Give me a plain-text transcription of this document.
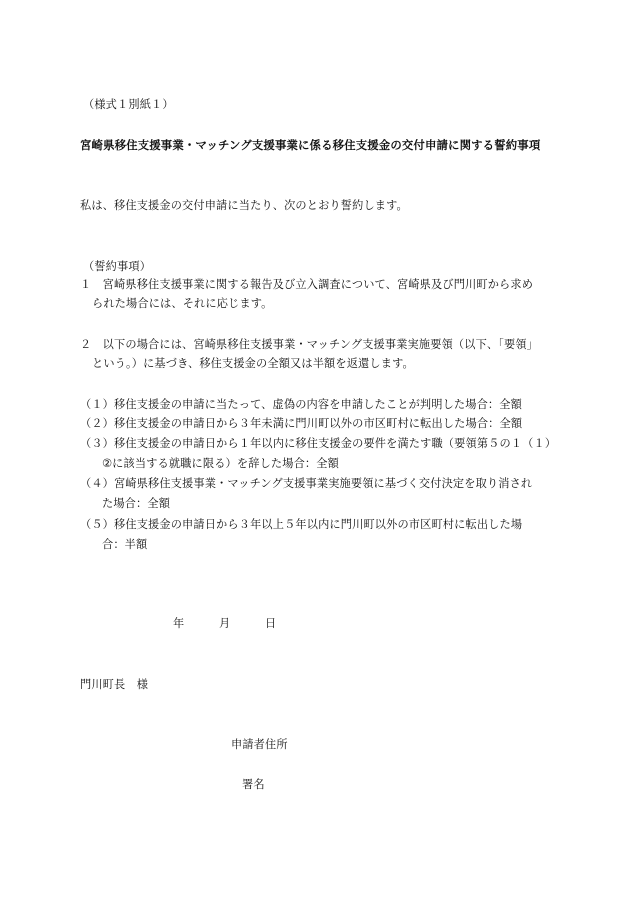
（様式１別紙１）
宮崎県移住支援事業・マッチング支援事業に係る移住支援金の交付申請に関する誓約事項
私は、移住支援金の交付申請に当たり、次のとおり誓約します。
（誓約事項）
１　宮崎県移住支援事業に関する報告及び立入調査について、宮崎県及び門川町から求め
られた場合には、それに応じます。
２　以下の場合には、宮崎県移住支援事業・マッチング支援事業実施要領（以下、「要領」
という。）に基づき、移住支援金の全額又は半額を返還します。
（１）移住支援金の申請に当たって、虚偽の内容を申請したことが判明した場合：全額
（２）移住支援金の申請日から３年未満に門川町以外の市区町村に転出した場合：全額
（３）移住支援金の申請日から１年以内に移住支援金の要件を満たす職（要領第５の１（１）
②に該当する就職に限る）を辞した場合：全額
（４）宮崎県移住支援事業・マッチング支援事業実施要領に基づく交付決定を取り消され
た場合：全額
（５）移住支援金の申請日から３年以上５年以内に門川町以外の市区町村に転出した場
合：半額
年	月	日
門川町長　様
申請者住所
署名
